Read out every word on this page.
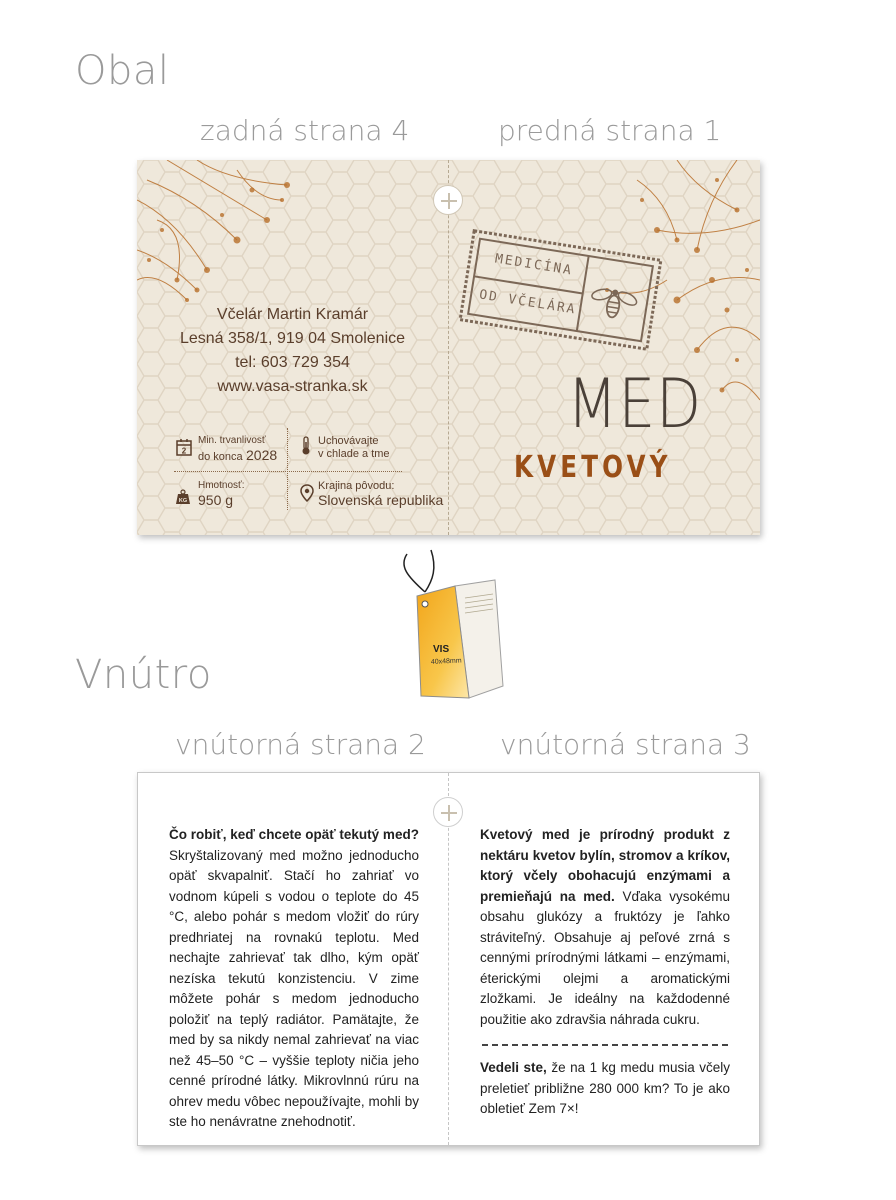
Obal
zadná strana 4	predná strana 1
Včelár Martin Kramár
Lesná 358/1, 919 04 Smolenice
tel: 603 729 354
www.vasa-stranka.sk
2
Min. trvanlivosť
do konca 2028
Uchovávajte
v chlade a tme
KG
Hmotnosť:
950 g
Krajina pôvodu:
Slovenská republika
MEDICÍNA
OD VČELÁRA
MED
KVETOVÝ
VIS
40x48mm
Vnútro
vnútorná strana 2	vnútorná strana 3
Čo robiť, keď chcete opäť tekutý med?
Skryštalizovaný med možno jednoducho opäť skvapalniť. Stačí ho zahriať vo vodnom kúpeli s vodou o teplote do 45 °C, alebo pohár s medom vložiť do rúry predhriatej na rovnakú teplotu. Med nechajte zahrievať tak dlho, kým opäť nezíska tekutú konzistenciu. V zime môžete pohár s medom jednoducho položiť na teplý radiátor. Pamätajte, že med by sa nikdy nemal zahrievať na viac než 45–50 °C – vyššie teploty ničia jeho cenné prírodné látky. Mikrovlnnú rúru na ohrev medu vôbec nepoužívajte, mohli by ste ho nenávratne znehodnotiť.
Kvetový med je prírodný produkt z nektáru kvetov bylín, stromov a kríkov, ktorý včely obohacujú enzýmami a premieňajú na med. Vďaka vysokému obsahu glukózy a fruktózy je ľahko stráviteľný. Obsahuje aj peľové zrná s cennými prírodnými látkami – enzýmami, éterickými olejmi a aromatickými zložkami. Je ideálny na každodenné použitie ako zdravšia náhrada cukru.
Vedeli ste, že na 1 kg medu musia včely preletieť približne 280 000 km? To je ako obletieť Zem 7×!
